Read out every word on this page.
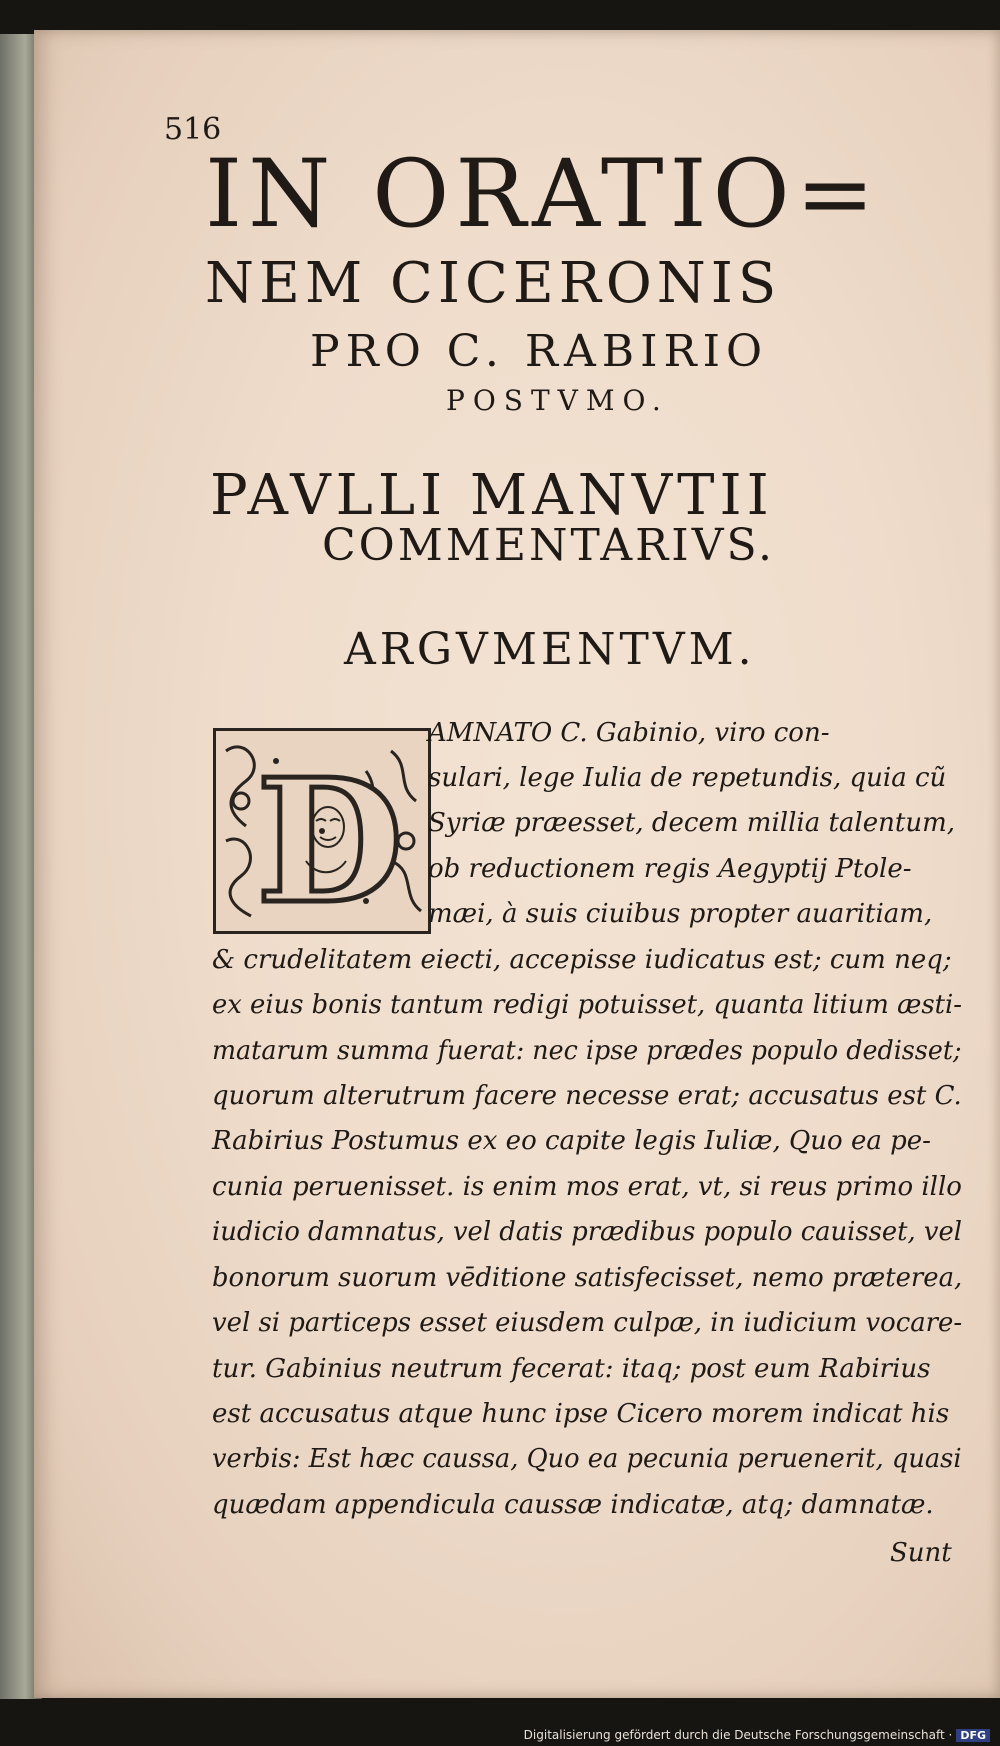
516

IN ORATIO=

NEM CICERONIS

PRO C. RABIRIO

POSTVMO.

PAVLLI MANVTII

COMMENTARIVS.

ARGVMENTVM.

D

AMNATO C. Gabinio, viro con-

sulari, lege Iulia de repetundis, quia cũ

Syriæ præesset, decem millia talentum,

ob reductionem regis Aegyptij Ptole-

mæi, à suis ciuibus propter auaritiam,

& crudelitatem eiecti, accepisse iudicatus est; cum neq;

ex eius bonis tantum redigi potuisset, quanta litium æsti-

matarum summa fuerat: nec ipse prædes populo dedisset;

quorum alterutrum facere necesse erat; accusatus est C.

Rabirius Postumus ex eo capite legis Iuliæ, Quo ea pe-

cunia peruenisset. is enim mos erat, vt, si reus primo illo

iudicio damnatus, vel datis prædibus populo cauisset, vel

bonorum suorum vēditione satisfecisset, nemo præterea,

vel si particeps esset eiusdem culpæ, in iudicium vocare-

tur. Gabinius neutrum fecerat: itaq; post eum Rabirius

est accusatus atque hunc ipse Cicero morem indicat his

verbis: Est hæc caussa, Quo ea pecunia peruenerit, quasi

quædam appendicula caussæ indicatæ, atq; damnatæ.

Sunt

Digitalisierung gefördert durch die Deutsche Forschungsgemeinschaft · DFG
